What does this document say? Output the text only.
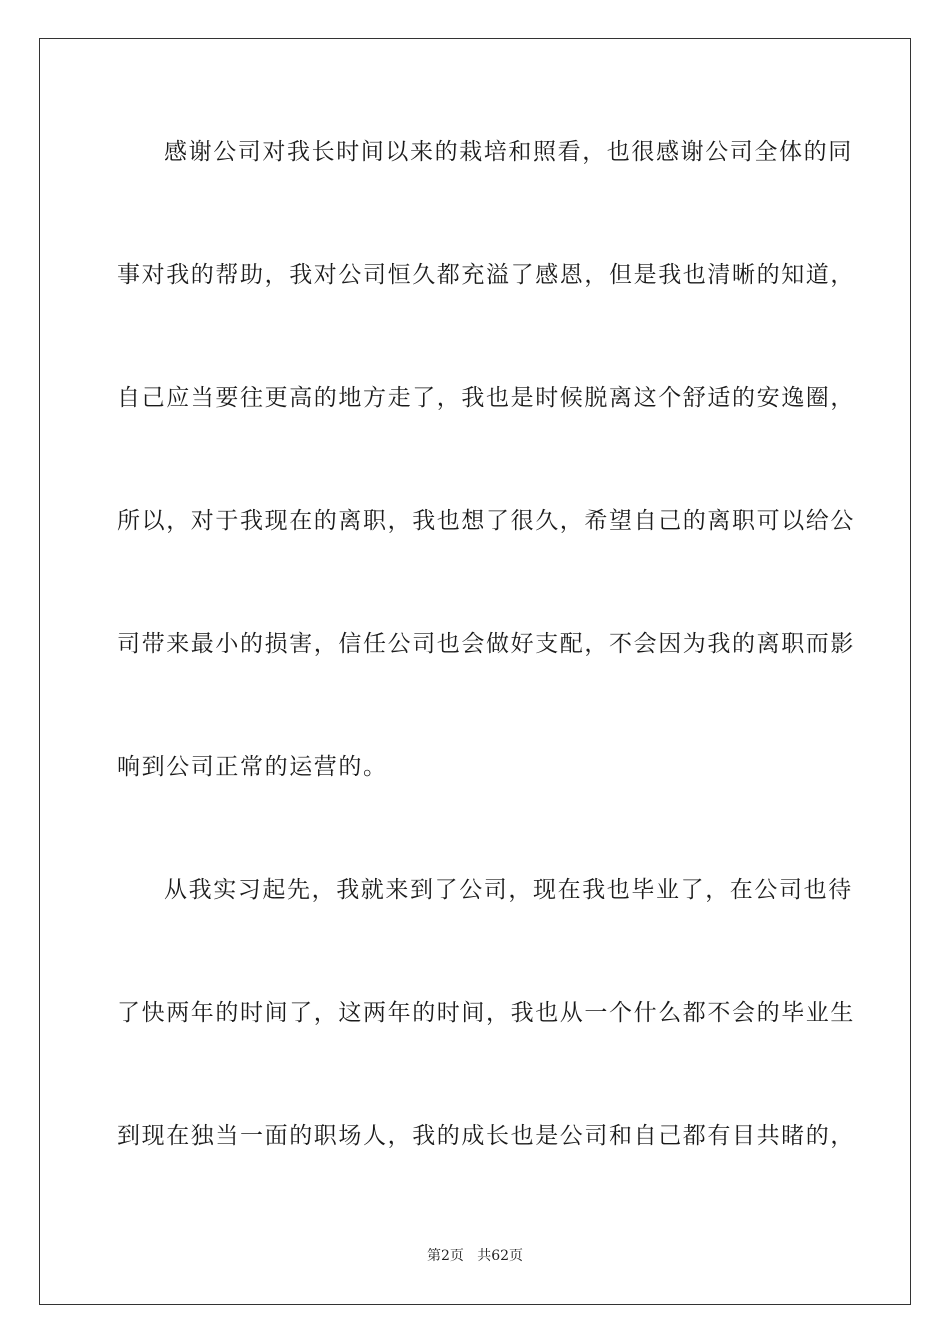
感谢公司对我长时间以来的栽培和照看，也很感谢公司全体的同
事对我的帮助，我对公司恒久都充溢了感恩，但是我也清晰的知道，
自己应当要往更高的地方走了，我也是时候脱离这个舒适的安逸圈，
所以，对于我现在的离职，我也想了很久，希望自己的离职可以给公
司带来最小的损害，信任公司也会做好支配，不会因为我的离职而影
响到公司正常的运营的。
从我实习起先，我就来到了公司，现在我也毕业了，在公司也待
了快两年的时间了，这两年的时间，我也从一个什么都不会的毕业生
到现在独当一面的职场人，我的成长也是公司和自己都有目共睹的，
第2页 共62页
